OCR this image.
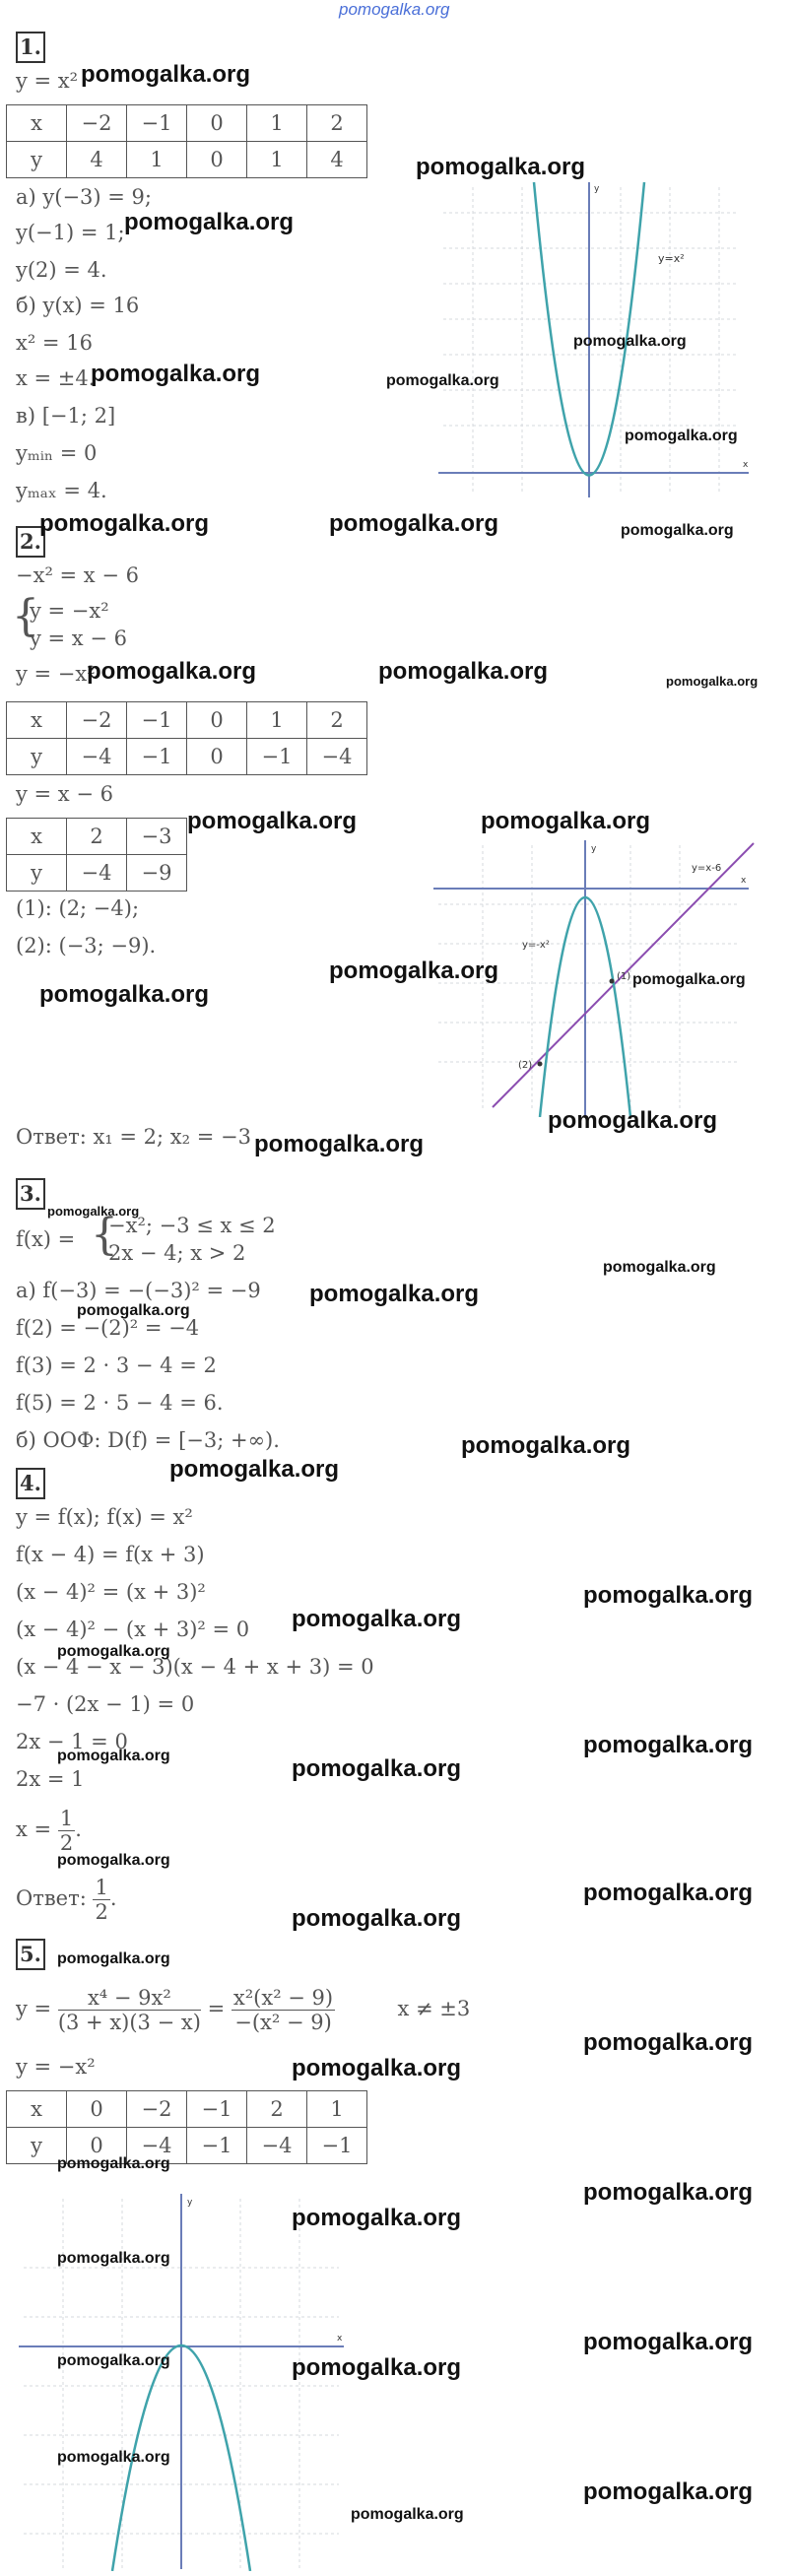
pomogalka.org
1.
y = x²
x	−2	−1	0	1	2
y	4	1	0	1	4
а) y(−3) = 9;
y(−1) = 1;
y(2) = 4.
б) y(x) = 16
x² = 16
x = ±4.
в) [−1; 2]
yₘᵢₙ = 0
yₘₐₓ = 4.
x
y
y=x²
2.
−x² = x − 6
{
y = −x²
y = x − 6
y = −x²
x	−2	−1	0	1	2
y	−4	−1	0	−1	−4
y = x − 6
x	2	−3
y	−4	−9
(1): (2; −4);
(2): (−3; −9).
Ответ: x₁ = 2; x₂ = −3
x
y
y=x-6
y=-x²
(1)
(2)
3.
f(x) = {
−x²; −3 ≤ x ≤ 2
2x − 4; x > 2
а) f(−3) = −(−3)² = −9
f(2) = −(2)² = −4
f(3) = 2 · 3 − 4 = 2
f(5) = 2 · 5 − 4 = 6.
б) ООФ: D(f) = [−3; +∞).
4.
y = f(x); f(x) = x²
f(x − 4) = f(x + 3)
(x − 4)² = (x + 3)²
(x − 4)² − (x + 3)² = 0
(x − 4 − x − 3)(x − 4 + x + 3) = 0
−7 · (2x − 1) = 0
2x − 1 = 0
2x = 1
$x = \frac{1}{2}$ .
Ответ: $\frac{1}{2}$ .
5.
$y = \frac{\text{x⁴ − 9x²}}{(3 + x)(3 - x)} = \frac{\text{x²(x² − 9)}}{\text{−(x² − 9)}}$	x ≠ ±3
y = −x²
x	0	−2	−1	2	1
y	0	−4	−1	−4	−1
x
y
pomogalka.org
pomogalka.org
pomogalka.org
pomogalka.org
pomogalka.org	pomogalka.org
pomogalka.org
pomogalka.org	pomogalka.org	pomogalka.org
pomogalka.org	pomogalka.org	pomogalka.org
pomogalka.org	pomogalka.org
pomogalka.org	pomogalka.org
pomogalka.org
pomogalka.org
pomogalka.org
pomogalka.org
pomogalka.org
pomogalka.org
pomogalka.org
pomogalka.org
pomogalka.org
pomogalka.org
pomogalka.org
pomogalka.org
pomogalka.org	pomogalka.org
pomogalka.org
pomogalka.org
pomogalka.org
pomogalka.org
pomogalka.org
pomogalka.org
pomogalka.org
pomogalka.org
pomogalka.org
pomogalka.org
pomogalka.org
pomogalka.org
pomogalka.org
pomogalka.org
pomogalka.org
pomogalka.org
pomogalka.org
